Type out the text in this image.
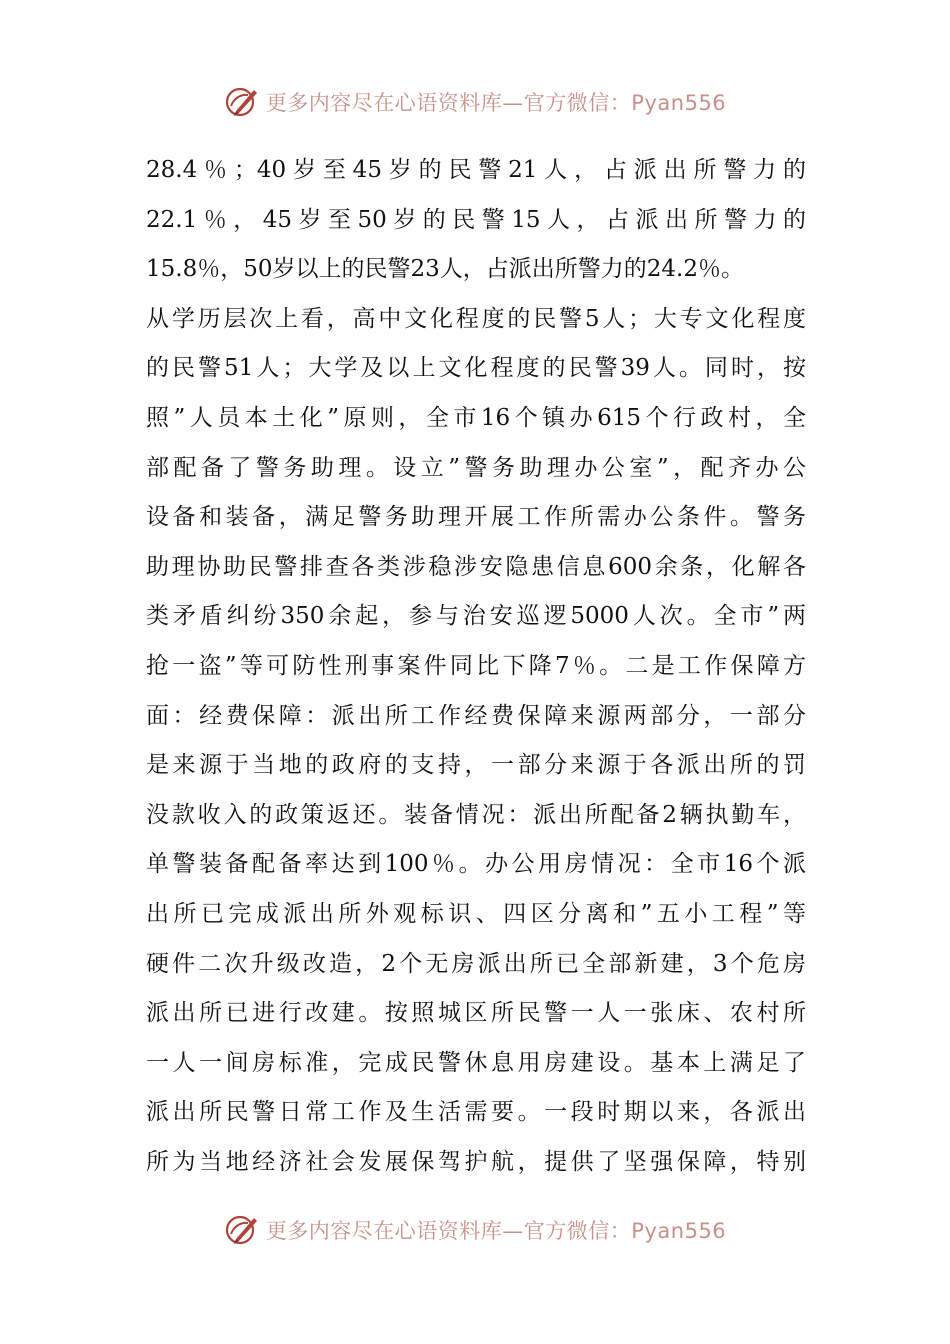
更多内容尽在心语资料库—官方微信：Pyan556
28.4％；40岁至45岁的民警21人，占派出所警力的
22.1％，45岁至50岁的民警15人，占派出所警力的
15.8％，50岁以上的民警23人，占派出所警力的24.2％。
从学历层次上看，高中文化程度的民警5人；大专文化程度
的民警51人；大学及以上文化程度的民警39人。同时，按
照”人员本土化”原则，全市16个镇办615个行政村，全
部配备了警务助理。设立”警务助理办公室”，配齐办公
设备和装备，满足警务助理开展工作所需办公条件。警务
助理协助民警排查各类涉稳涉安隐患信息600余条，化解各
类矛盾纠纷350余起，参与治安巡逻5000人次。全市”两
抢一盗”等可防性刑事案件同比下降7％。二是工作保障方
面：经费保障：派出所工作经费保障来源两部分，一部分
是来源于当地的政府的支持，一部分来源于各派出所的罚
没款收入的政策返还。装备情况：派出所配备2辆执勤车，
单警装备配备率达到100％。办公用房情况：全市16个派
出所已完成派出所外观标识、四区分离和”五小工程”等
硬件二次升级改造，2个无房派出所已全部新建，3个危房
派出所已进行改建。按照城区所民警一人一张床、农村所
一人一间房标准，完成民警休息用房建设。基本上满足了
派出所民警日常工作及生活需要。一段时期以来，各派出
所为当地经济社会发展保驾护航，提供了坚强保障，特别
更多内容尽在心语资料库—官方微信：Pyan556
